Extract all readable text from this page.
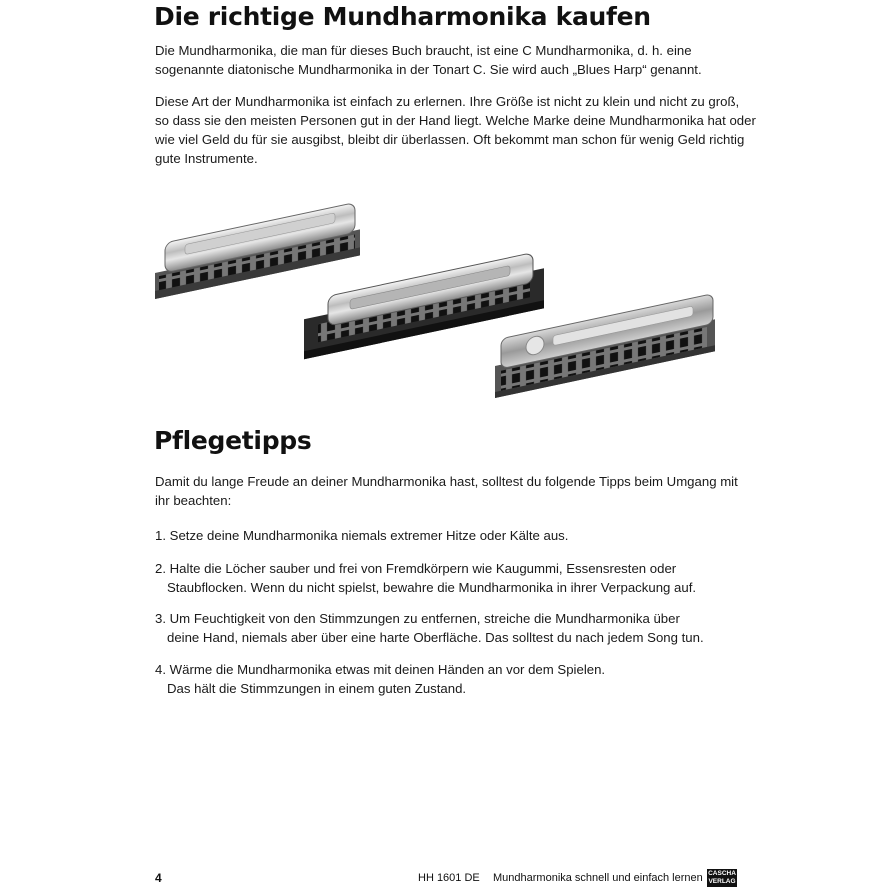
Die richtige Mundharmonika kaufen

Die Mundharmonika, die man für dieses Buch braucht, ist eine C Mundharmonika, d. h. eine
sogenannte diatonische Mundharmonika in der Tonart C. Sie wird auch „Blues Harp“ genannt.

Diese Art der Mundharmonika ist einfach zu erlernen. Ihre Größe ist nicht zu klein und nicht zu groß,
so dass sie den meisten Personen gut in der Hand liegt. Welche Marke deine Mundharmonika hat oder
wie viel Geld du für sie ausgibst, bleibt dir überlassen. Oft bekommt man schon für wenig Geld richtig
gute Instrumente.

Pflegetipps

Damit du lange Freude an deiner Mundharmonika hast, solltest du folgende Tipps beim Umgang mit
ihr beachten:

1. Setze deine Mundharmonika niemals extremer Hitze oder Kälte aus.
2. Halte die Löcher sauber und frei von Fremdkörpern wie Kaugummi, Essensresten oder
Staubflocken. Wenn du nicht spielst, bewahre die Mundharmonika in ihrer Verpackung auf.
3. Um Feuchtigkeit von den Stimmzungen zu entfernen, streiche die Mundharmonika über
deine Hand, niemals aber über eine harte Oberfläche. Das solltest du nach jedem Song tun.
4. Wärme die Mundharmonika etwas mit deinen Händen an vor dem Spielen.
Das hält die Stimmzungen in einem guten Zustand.
4	HH 1601 DE Mundharmonika schnell und einfach lernen CASCHA
VERLAG
